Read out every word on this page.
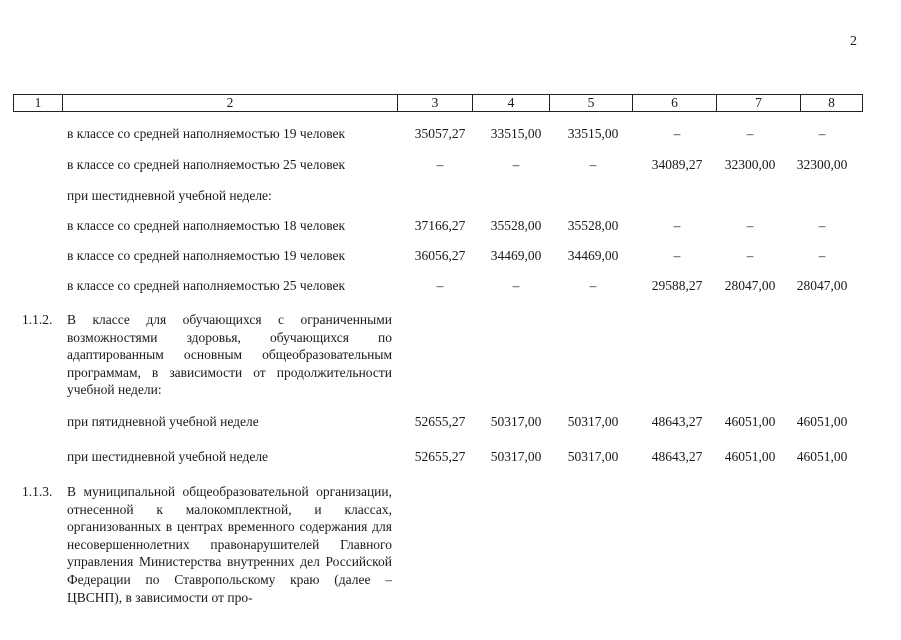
2
1	2	3	4	5	6	7	8
в классе со средней наполняемостью 19 человек	35057,27	33515,00	33515,00	–	–	–
в классе со средней наполняемостью 25 человек	–	–	–	34089,27	32300,00	32300,00
при шестидневной учебной неделе:
в классе со средней наполняемостью 18 человек	37166,27	35528,00	35528,00	–	–	–
в классе со средней наполняемостью 19 человек	36056,27	34469,00	34469,00	–	–	–
в классе со средней наполняемостью 25 человек	–	–	–	29588,27	28047,00	28047,00
1.1.2. В классе для обучающихся с ограниченными возможностями здоровья, обучающихся по адаптированным основным общеобразовательным программам, в зависимости от продолжительности учебной недели:
при пятидневной учебной неделе	52655,27	50317,00	50317,00	48643,27	46051,00	46051,00
при шестидневной учебной неделе	52655,27	50317,00	50317,00	48643,27	46051,00	46051,00
1.1.3. В муниципальной общеобразовательной организации, отнесенной к малокомплектной, и классах, организованных в центрах временного содержания для несовершеннолетних правонарушителей Главного управления Министерства внутренних дел Российской Федерации по Ставропольскому краю (далее – ЦВСНП), в зависимости от про-
